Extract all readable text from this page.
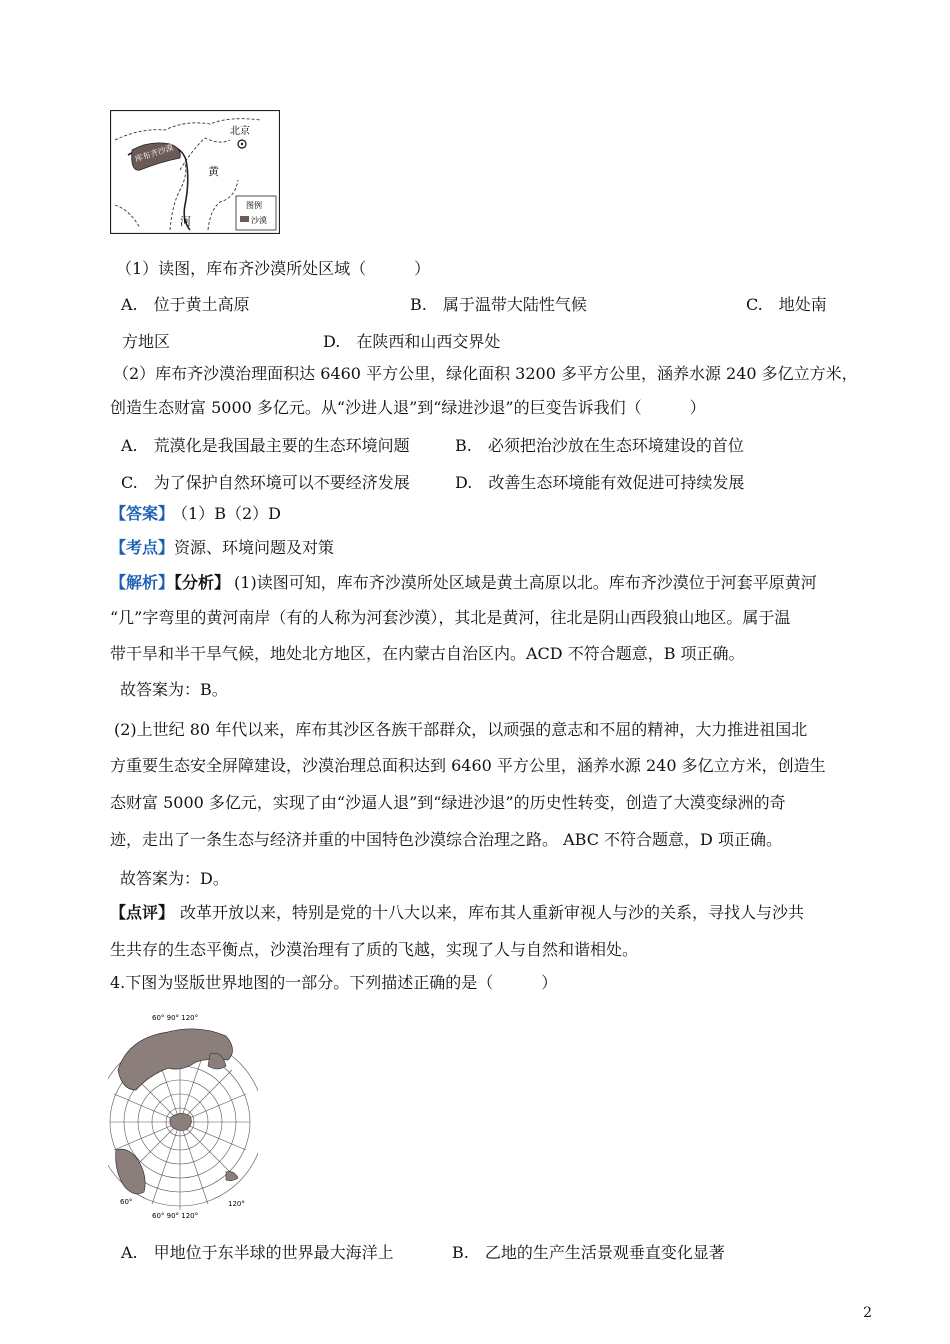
北京
库布齐沙漠
黄
河
图例
沙漠
（1）读图，库布齐沙漠所处区域（　　　）
A.　位于黄土高原	B.　属于温带大陆性气候	C.　地处南
方地区	D.　在陕西和山西交界处
（2）库布齐沙漠治理面积达 6460 平方公里，绿化面积 3200 多平方公里，涵养水源 240 多亿立方米，
创造生态财富 5000 多亿元。从“沙进人退”到“绿进沙退”的巨变告诉我们（　　　）
A.　荒漠化是我国最主要的生态环境问题	B.　必须把治沙放在生态环境建设的首位
C.　为了保护自然环境可以不要经济发展	D.　改善生态环境能有效促进可持续发展
【答案】 （1）B（2）D
【考点】资源、环境问题及对策
【解析】【分析】 (1)读图可知，库布齐沙漠所处区域是黄土高原以北。库布齐沙漠位于河套平原黄河
“几”字弯里的黄河南岸（有的人称为河套沙漠），其北是黄河，往北是阴山西段狼山地区。属于温
带干旱和半干旱气候，地处北方地区，在内蒙古自治区内。ACD 不符合题意，B 项正确。
故答案为：B。
(2)上世纪 80 年代以来，库布其沙区各族干部群众，以顽强的意志和不屈的精神，大力推进祖国北
方重要生态安全屏障建设，沙漠治理总面积达到 6460 平方公里，涵养水源 240 多亿立方米，创造生
态财富 5000 多亿元，实现了由“沙逼人退”到“绿进沙退”的历史性转变，创造了大漠变绿洲的奇
迹，走出了一条生态与经济并重的中国特色沙漠综合治理之路。 ABC 不符合题意，D 项正确。
故答案为：D。
【点评】 改革开放以来，特别是党的十八大以来，库布其人重新审视人与沙的关系，寻找人与沙共
生共存的生态平衡点，沙漠治理有了质的飞越，实现了人与自然和谐相处。
4.下图为竖版世界地图的一部分。下列描述正确的是（　　　）
60° 90° 120°
60° 90° 120°
60°	120°
A.　甲地位于东半球的世界最大海洋上	B.　乙地的生产生活景观垂直变化显著
2
